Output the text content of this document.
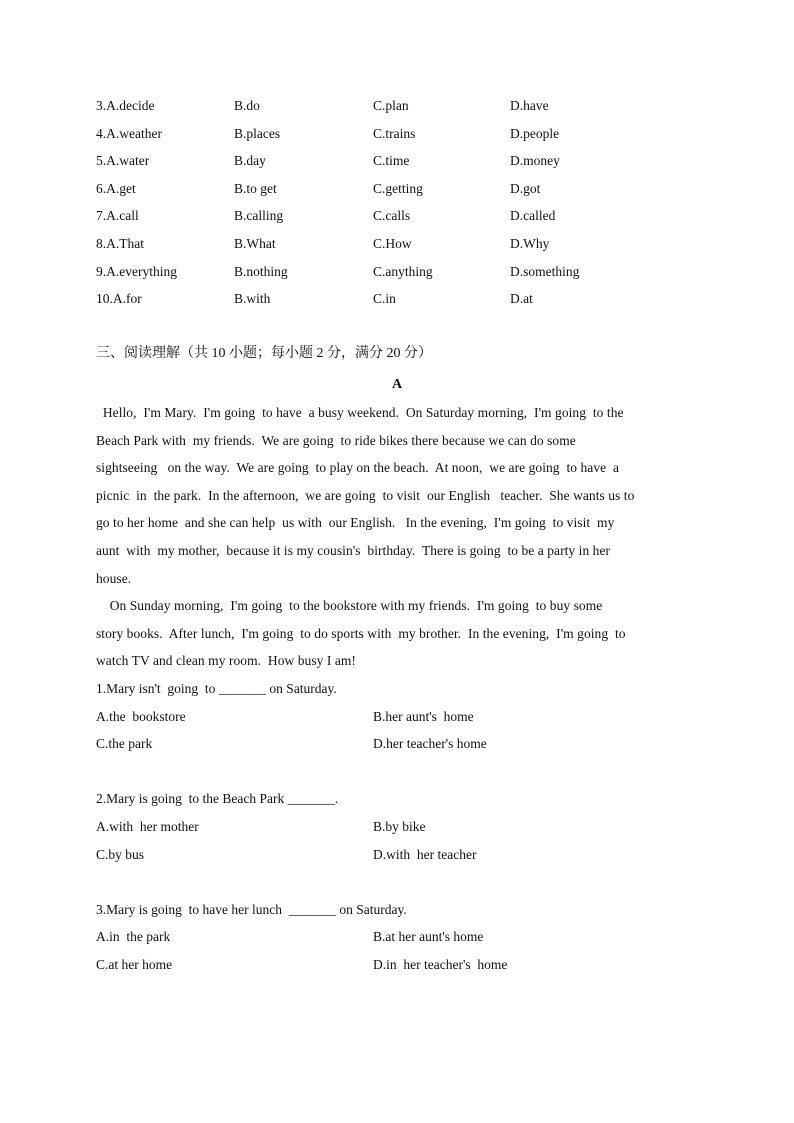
3.A.decide	B.do	C.plan	D.have
4.A.weather	B.places	C.trains	D.people
5.A.water	B.day	C.time	D.money
6.A.get	B.to get	C.getting	D.got
7.A.call	B.calling	C.calls	D.called
8.A.That	B.What	C.How	D.Why
9.A.everything	B.nothing	C.anything	D.something
10.A.for	B.with	C.in	D.at
三、阅读理解（共 10 小题；每小题 2 分，满分 20 分）
A
Hello,  I'm Mary.  I'm going  to have  a busy weekend.  On Saturday morning,  I'm going  to the
Beach Park with  my friends.  We are going  to ride bikes there because we can do some
sightseeing   on the way.  We are going  to play on the beach.  At noon,  we are going  to have  a
picnic  in  the park.  In the afternoon,  we are going  to visit  our English   teacher.  She wants us to
go to her home  and she can help  us with  our English.   In the evening,  I'm going  to visit  my
aunt  with  my mother,  because it is my cousin's  birthday.  There is going  to be a party in her
house.
On Sunday morning,  I'm going  to the bookstore with my friends.  I'm going  to buy some
story books.  After lunch,  I'm going  to do sports with  my brother.  In the evening,  I'm going  to
watch TV and clean my room.  How busy I am!
1.Mary isn't  going  to _______ on Saturday.
A.the  bookstore	B.her aunt's  home
C.the park	D.her teacher's home
2.Mary is going  to the Beach Park _______.
A.with  her mother	B.by bike
C.by bus	D.with  her teacher
3.Mary is going  to have her lunch  _______ on Saturday.
A.in  the park	B.at her aunt's home
C.at her home	D.in  her teacher's  home
